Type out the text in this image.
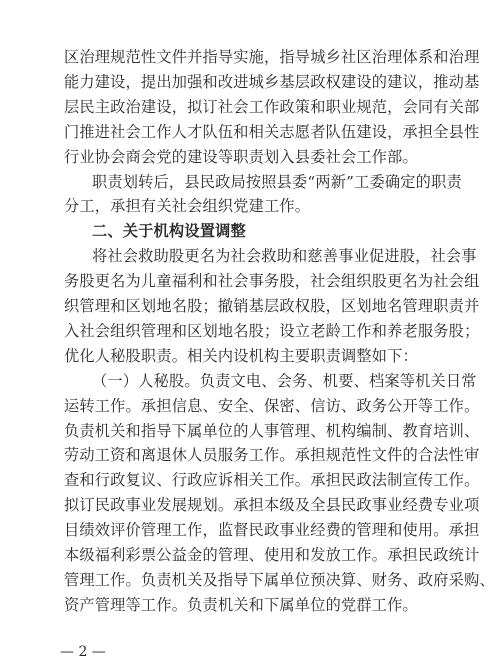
区治理规范性文件并指导实施，指导城乡社区治理体系和治理
能力建设，提出加强和改进城乡基层政权建设的建议，推动基
层民主政治建设，拟订社会工作政策和职业规范，会同有关部
门推进社会工作人才队伍和相关志愿者队伍建设，承担全县性
行业协会商会党的建设等职责划入县委社会工作部。
职责划转后，县民政局按照县委“两新”工委确定的职责
分工，承担有关社会组织党建工作。
二、关于机构设置调整
将社会救助股更名为社会救助和慈善事业促进股，社会事
务股更名为儿童福利和社会事务股，社会组织股更名为社会组
织管理和区划地名股；撤销基层政权股，区划地名管理职责并
入社会组织管理和区划地名股；设立老龄工作和养老服务股；
优化人秘股职责。相关内设机构主要职责调整如下：
（一）人秘股。负责文电、会务、机要、档案等机关日常
运转工作。承担信息、安全、保密、信访、政务公开等工作。
负责机关和指导下属单位的人事管理、机构编制、教育培训、
劳动工资和离退休人员服务工作。承担规范性文件的合法性审
查和行政复议、行政应诉相关工作。承担民政法制宣传工作。
拟订民政事业发展规划。承担本级及全县民政事业经费专业项
目绩效评价管理工作，监督民政事业经费的管理和使用。承担
本级福利彩票公益金的管理、使用和发放工作。承担民政统计
管理工作。负责机关及指导下属单位预决算、财务、政府采购、
资产管理等工作。负责机关和下属单位的党群工作。
— 2 —
